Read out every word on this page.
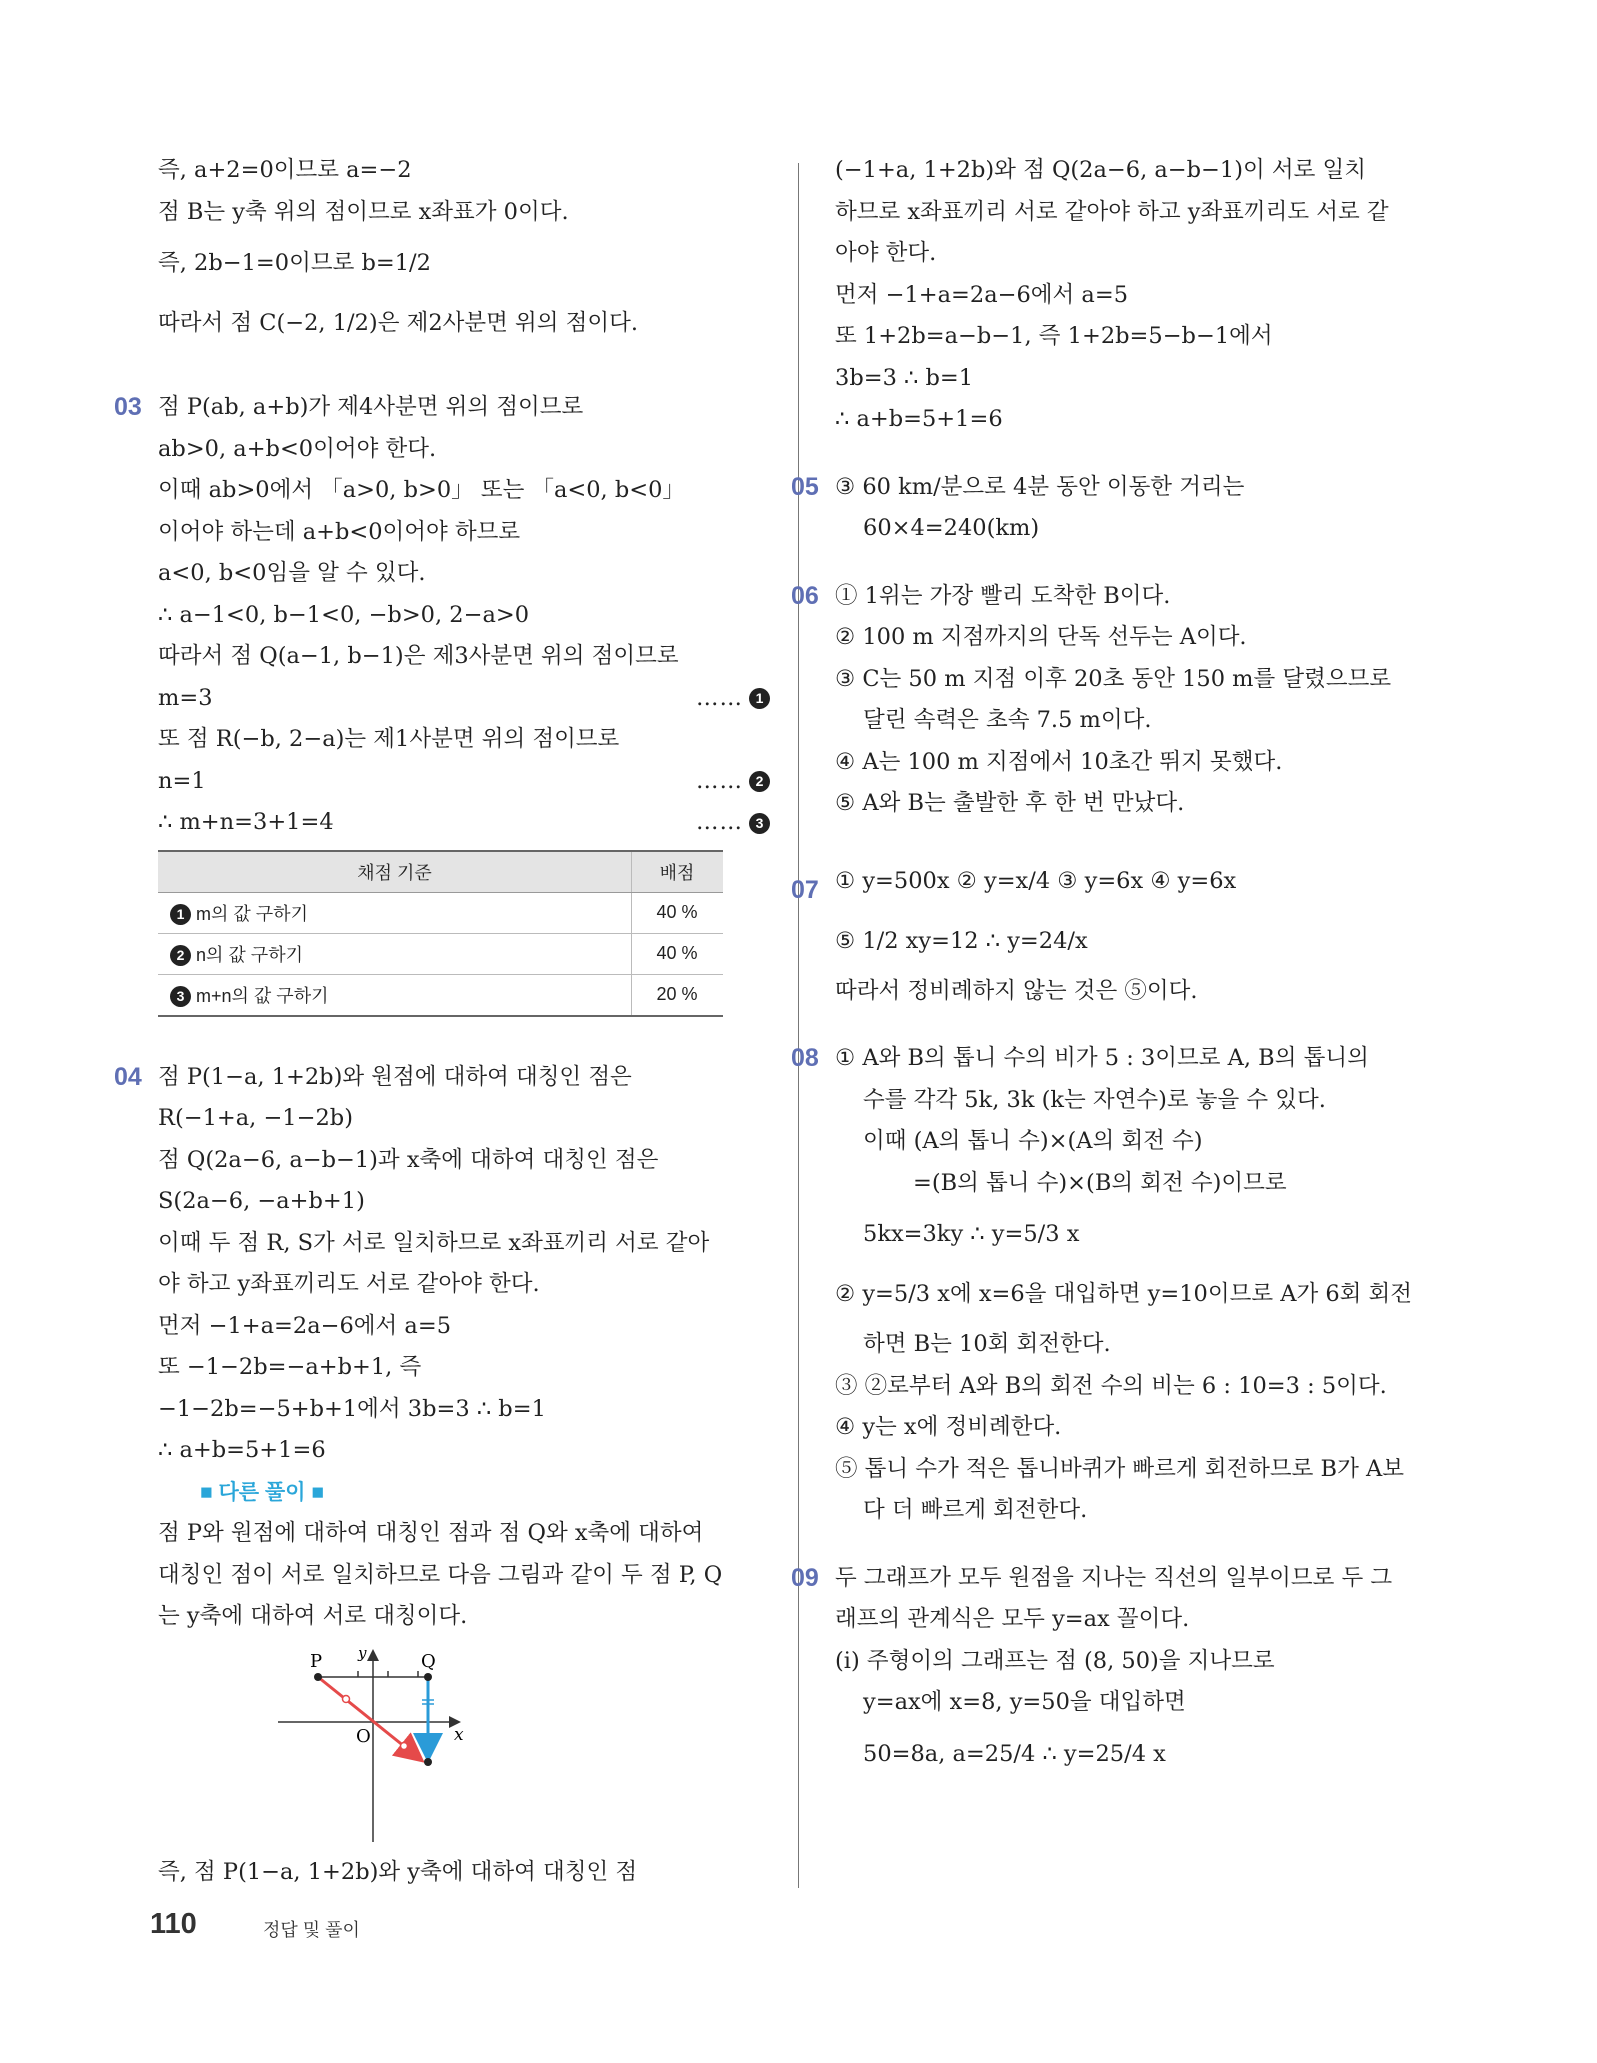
즉, a+2=0이므로 a=−2
점 B는 y축 위의 점이므로 x좌표가 0이다.
즉, 2b−1=0이므로 b=1/2
따라서 점 C(−2, 1/2)은 제2사분면 위의 점이다.
03 점 P(ab, a+b)가 제4사분면 위의 점이므로
ab>0, a+b<0이어야 한다.
이때 ab>0에서 「a>0, b>0」 또는 「a<0, b<0」
이어야 하는데 a+b<0이어야 하므로
a<0, b<0임을 알 수 있다.
∴ a−1<0, b−1<0, −b>0, 2−a>0
따라서 점 Q(a−1, b−1)은 제3사분면 위의 점이므로
m=3	…… 1
또 점 R(−b, 2−a)는 제1사분면 위의 점이므로
n=1	…… 2
∴ m+n=3+1=4	…… 3
채점 기준	배점
1 m의 값 구하기	40 %
2 n의 값 구하기	40 %
3 m+n의 값 구하기	20 %
04 점 P(1−a, 1+2b)와 원점에 대하여 대칭인 점은
R(−1+a, −1−2b)
점 Q(2a−6, a−b−1)과 x축에 대하여 대칭인 점은
S(2a−6, −a+b+1)
이때 두 점 R, S가 서로 일치하므로 x좌표끼리 서로 같아
야 하고 y좌표끼리도 서로 같아야 한다.
먼저 −1+a=2a−6에서 a=5
또 −1−2b=−a+b+1, 즉
−1−2b=−5+b+1에서 3b=3 ∴ b=1
∴ a+b=5+1=6
■ 다른 풀이 ■
점 P와 원점에 대하여 대칭인 점과 점 Q와 x축에 대하여
대칭인 점이 서로 일치하므로 다음 그림과 같이 두 점 P, Q
는 y축에 대하여 서로 대칭이다.
P	Q
O	x
y
즉, 점 P(1−a, 1+2b)와 y축에 대하여 대칭인 점
(−1+a, 1+2b)와 점 Q(2a−6, a−b−1)이 서로 일치
하므로 x좌표끼리 서로 같아야 하고 y좌표끼리도 서로 같
아야 한다.
먼저 −1+a=2a−6에서 a=5
또 1+2b=a−b−1, 즉 1+2b=5−b−1에서
3b=3 ∴ b=1
∴ a+b=5+1=6
05 ③ 60 km/분으로 4분 동안 이동한 거리는
60×4=240(km)
06 ① 1위는 가장 빨리 도착한 B이다.
② 100 m 지점까지의 단독 선두는 A이다.
③ C는 50 m 지점 이후 20초 동안 150 m를 달렸으므로
달린 속력은 초속 7.5 m이다.
④ A는 100 m 지점에서 10초간 뛰지 못했다.
⑤ A와 B는 출발한 후 한 번 만났다.
07 ① y=500x ② y=x/4 ③ y=6x ④ y=6x
⑤ 1/2 xy=12 ∴ y=24/x
따라서 정비례하지 않는 것은 ⑤이다.
08 ① A와 B의 톱니 수의 비가 5 : 3이므로 A, B의 톱니의
수를 각각 5k, 3k (k는 자연수)로 놓을 수 있다.
이때 (A의 톱니 수)×(A의 회전 수)
=(B의 톱니 수)×(B의 회전 수)이므로
5kx=3ky ∴ y=5/3 x
② y=5/3 x에 x=6을 대입하면 y=10이므로 A가 6회 회전
하면 B는 10회 회전한다.
③ ②로부터 A와 B의 회전 수의 비는 6 : 10=3 : 5이다.
④ y는 x에 정비례한다.
⑤ 톱니 수가 적은 톱니바퀴가 빠르게 회전하므로 B가 A보
다 더 빠르게 회전한다.
09 두 그래프가 모두 원점을 지나는 직선의 일부이므로 두 그
래프의 관계식은 모두 y=ax 꼴이다.
(ⅰ) 주형이의 그래프는 점 (8, 50)을 지나므로
y=ax에 x=8, y=50을 대입하면
50=8a, a=25/4 ∴ y=25/4 x
110	정답 및 풀이
